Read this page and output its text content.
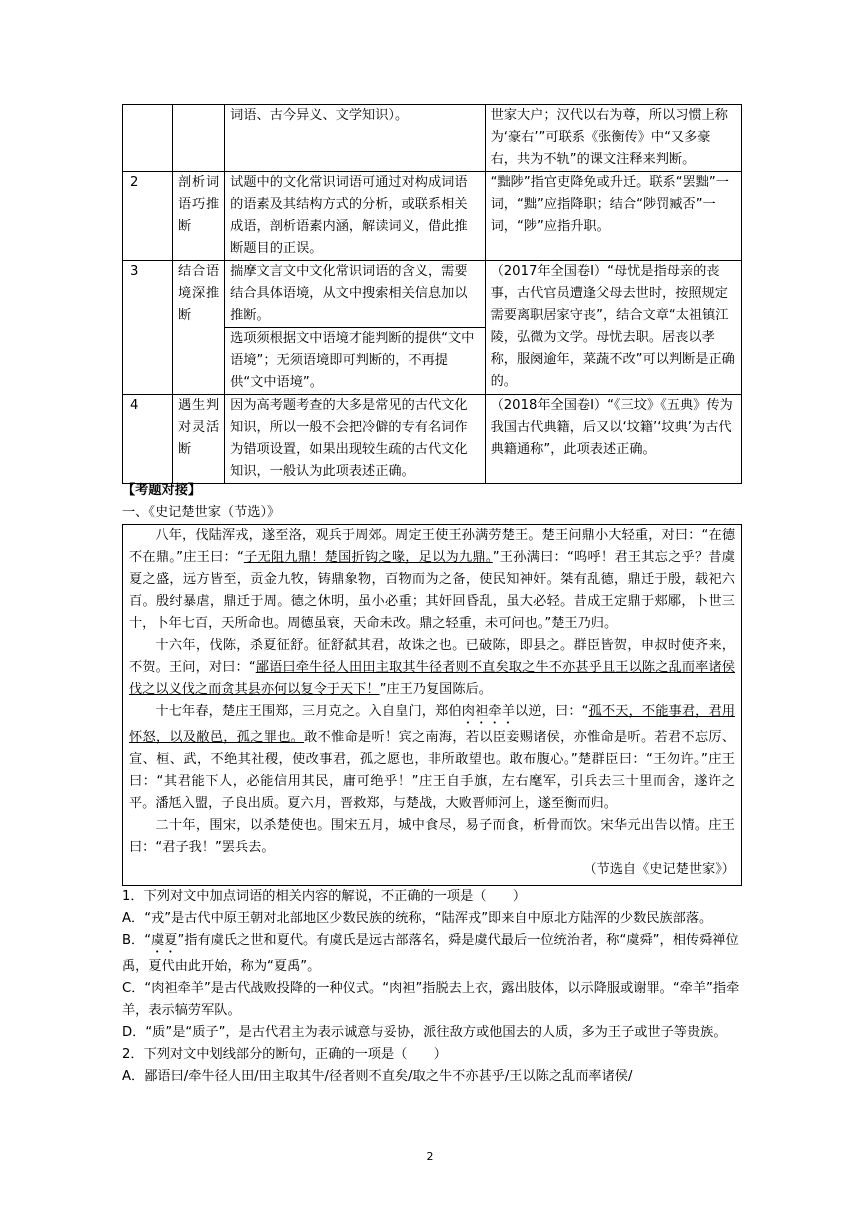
		词语、古今异义、文学知识）。	世家大户；汉代以右为尊，所以习惯上称为‘豪右’”可联系《张衡传》中“又多豪右，共为不轨”的课文注释来判断。
2	剖析词语巧推断	试题中的文化常识词语可通过对构成词语的语素及其结构方式的分析，或联系相关成语，剖析语素内涵，解读词义，借此推断题目的正误。	“黜陟”指官吏降免或升迁。联系“罢黜”一词，“黜”应指降职；结合“陟罚臧否”一词，“陟”应指升职。
3	结合语境深推断	揣摩文言文中文化常识词语的含义，需要结合具体语境，从文中搜索相关信息加以推断。	（2017年全国卷Ⅰ）“母忧是指母亲的丧事，古代官员遭逢父母去世时，按照规定需要离职居家守丧”，结合文章“太祖镇江陵，弘微为文学。母忧去职。居丧以孝称，服阕逾年，菜蔬不改”可以判断是正确的。
		选项须根据文中语境才能判断的提供“文中语境”；无须语境即可判断的，不再提供“文中语境”。	
4	遇生判对灵活断	因为高考题考查的大多是常见的古代文化知识，所以一般不会把冷僻的专有名词作为错项设置，如果出现较生疏的古代文化知识，一般认为此项表述正确。	（2018年全国卷Ⅰ）“《三坟》《五典》传为我国古代典籍，后又以‘坟籍’‘坟典’为古代典籍通称”，此项表述正确。
【考题对接】
一、《史记楚世家（节选）》

八年，伐陆浑戎，遂至洛，观兵于周郊。周定王使王孙满劳楚王。楚王问鼎小大轻重，对曰：“在德不在鼎。”庄王曰：“子无阻九鼎！楚国折钩之喙，足以为九鼎。”王孙满曰：“呜呼！君王其忘之乎？昔虞夏之盛，远方皆至，贡金九牧，铸鼎象物，百物而为之备，使民知神奸。桀有乱德，鼎迁于殷，载祀六百。殷纣暴虐，鼎迁于周。德之休明，虽小必重；其奸回昏乱，虽大必轻。昔成王定鼎于郏鄏，卜世三十，卜年七百，天所命也。周德虽衰，天命未改。鼎之轻重，未可问也。”楚王乃归。

十六年，伐陈，杀夏征舒。征舒弑其君，故诛之也。已破陈，即县之。群臣皆贺，申叔时使齐来，不贺。王问，对曰：“鄙语曰牵牛径人田田主取其牛径者则不直矣取之牛不亦甚乎且王以陈之乱而率诸侯伐之以义伐之而贪其县亦何以复令于天下！”庄王乃复国陈后。

十七年春，楚庄王围郑，三月克之。入自皇门，郑伯肉袒牵羊以逆，曰：“孤不天，不能事君，君用怀怒，以及敝邑，孤之罪也。敢不惟命是听！宾之南海，若以臣妾赐诸侯，亦惟命是听。若君不忘厉、宣、桓、武，不绝其社稷，使改事君，孤之愿也，非所敢望也。敢布腹心。”楚群臣曰：“王勿许。”庄王曰：“其君能下人，必能信用其民，庸可绝乎！”庄王自手旗，左右麾军，引兵去三十里而舍，遂许之平。潘尪入盟，子良出质。夏六月，晋救郑，与楚战，大败晋师河上，遂至衡而归。

二十年，围宋，以杀楚使也。围宋五月，城中食尽，易子而食，析骨而饮。宋华元出告以情。庄王曰：“君子我！”罢兵去。

（节选自《史记楚世家》）

1．下列对文中加点词语的相关内容的解说，不正确的一项是（　　）

A．“戎”是古代中原王朝对北部地区少数民族的统称，“陆浑戎”即来自中原北方陆浑的少数民族部落。

B．“虞夏”指有虞氏之世和夏代。有虞氏是远古部落名，舜是虞代最后一位统治者，称“虞舜”，相传舜禅位禹，夏代由此开始，称为“夏禹”。

C．“肉袒牵羊”是古代战败投降的一种仪式。“肉袒”指脱去上衣，露出肢体，以示降服或谢罪。“牵羊”指牵羊，表示犒劳军队。

D．“质”是“质子”，是古代君主为表示诚意与妥协，派往敌方或他国去的人质，多为王子或世子等贵族。

2．下列对文中划线部分的断句，正确的一项是（　　）

A．鄙语曰/牵牛径人田/田主取其牛/径者则不直矣/取之牛不亦甚乎/王以陈之乱而率诸侯/

2
